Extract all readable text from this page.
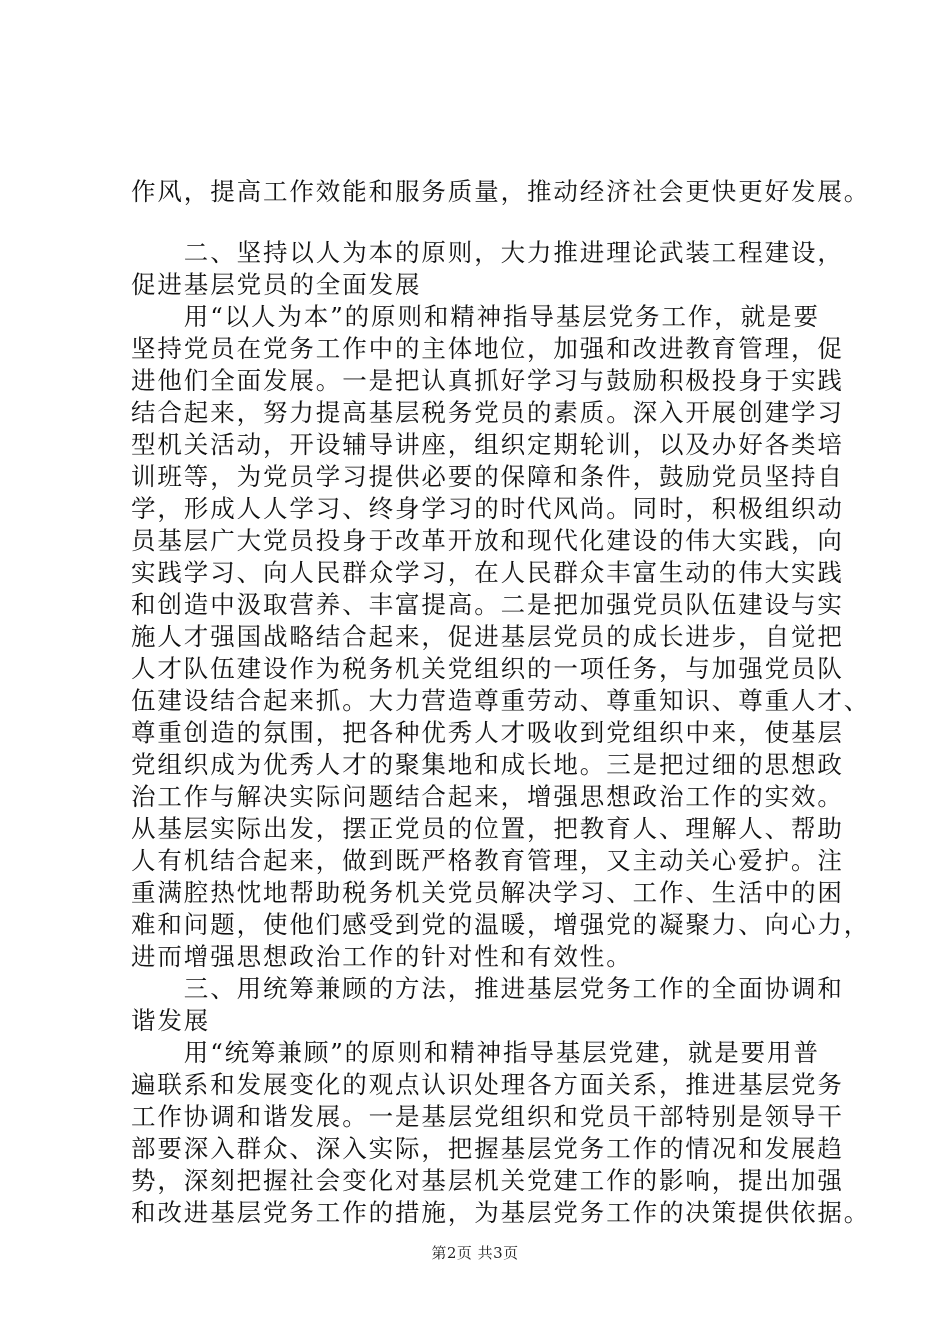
作风，提高工作效能和服务质量，推动经济社会更快更好发展。
　　二、坚持以人为本的原则，大力推进理论武装工程建设，
促进基层党员的全面发展
　　用“以人为本”的原则和精神指导基层党务工作，就是要
坚持党员在党务工作中的主体地位，加强和改进教育管理，促
进他们全面发展。一是把认真抓好学习与鼓励积极投身于实践
结合起来，努力提高基层税务党员的素质。深入开展创建学习
型机关活动，开设辅导讲座，组织定期轮训，以及办好各类培
训班等，为党员学习提供必要的保障和条件，鼓励党员坚持自
学，形成人人学习、终身学习的时代风尚。同时，积极组织动
员基层广大党员投身于改革开放和现代化建设的伟大实践，向
实践学习、向人民群众学习，在人民群众丰富生动的伟大实践
和创造中汲取营养、丰富提高。二是把加强党员队伍建设与实
施人才强国战略结合起来，促进基层党员的成长进步，自觉把
人才队伍建设作为税务机关党组织的一项任务，与加强党员队
伍建设结合起来抓。大力营造尊重劳动、尊重知识、尊重人才、
尊重创造的氛围，把各种优秀人才吸收到党组织中来，使基层
党组织成为优秀人才的聚集地和成长地。三是把过细的思想政
治工作与解决实际问题结合起来，增强思想政治工作的实效。
从基层实际出发，摆正党员的位置，把教育人、理解人、帮助
人有机结合起来，做到既严格教育管理，又主动关心爱护。注
重满腔热忱地帮助税务机关党员解决学习、工作、生活中的困
难和问题，使他们感受到党的温暖，增强党的凝聚力、向心力，
进而增强思想政治工作的针对性和有效性。
　　三、用统筹兼顾的方法，推进基层党务工作的全面协调和
谐发展
　　用“统筹兼顾”的原则和精神指导基层党建，就是要用普
遍联系和发展变化的观点认识处理各方面关系，推进基层党务
工作协调和谐发展。一是基层党组织和党员干部特别是领导干
部要深入群众、深入实际，把握基层党务工作的情况和发展趋
势，深刻把握社会变化对基层机关党建工作的影响，提出加强
和改进基层党务工作的措施，为基层党务工作的决策提供依据。
第2页 共3页
